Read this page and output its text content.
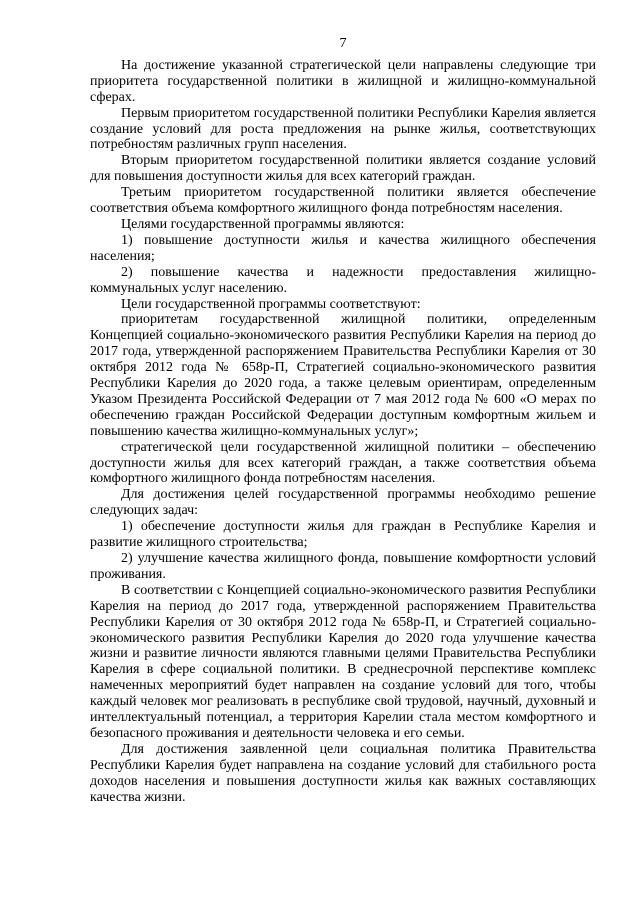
7

На достижение указанной стратегической цели направлены следующие три приоритета государственной политики в жилищной и жилищно-коммунальной сферах.

Первым приоритетом государственной политики Республики Карелия является создание условий для роста предложения на рынке жилья, соответствующих потребностям различных групп населения.

Вторым приоритетом государственной политики является создание условий для повышения доступности жилья для всех категорий граждан.

Третьим приоритетом государственной политики является обеспечение соответствия объема комфортного жилищного фонда потребностям населения.

Целями государственной программы являются:

1) повышение доступности жилья и качества жилищного обеспечения населения;

2) повышение качества и надежности предоставления жилищно-коммунальных услуг населению.

Цели государственной программы соответствуют:

приоритетам государственной жилищной политики, определенным Концепцией социально-экономического развития Республики Карелия на период до 2017 года, утвержденной распоряжением Правительства Республики Карелия от 30 октября 2012 года № 658р-П, Стратегией социально-экономического развития Республики Карелия до 2020 года, а также целевым ориентирам, определенным Указом Президента Российской Федерации от 7 мая 2012 года № 600 «О мерах по обеспечению граждан Российской Федерации доступным комфортным жильем и повышению качества жилищно-коммунальных услуг»;

стратегической цели государственной жилищной политики – обеспечению доступности жилья для всех категорий граждан, а также соответствия объема комфортного жилищного фонда потребностям населения.

Для достижения целей государственной программы необходимо решение следующих задач:

1) обеспечение доступности жилья для граждан в Республике Карелия и развитие жилищного строительства;

2) улучшение качества жилищного фонда, повышение комфортности условий проживания.

В соответствии с Концепцией социально-экономического развития Республики Карелия на период до 2017 года, утвержденной распоряжением Правительства Республики Карелия от 30 октября 2012 года № 658р-П, и Стратегией социально-экономического развития Республики Карелия до 2020 года улучшение качества жизни и развитие личности являются главными целями Правительства Республики Карелия в сфере социальной политики. В среднесрочной перспективе комплекс намеченных мероприятий будет направлен на создание условий для того, чтобы каждый человек мог реализовать в республике свой трудовой, научный, духовный и интеллектуальный потенциал, а территория Карелии стала местом комфортного и безопасного проживания и деятельности человека и его семьи.

Для достижения заявленной цели социальная политика Правительства Республики Карелия будет направлена на создание условий для стабильного роста доходов населения и повышения доступности жилья как важных составляющих качества жизни.
